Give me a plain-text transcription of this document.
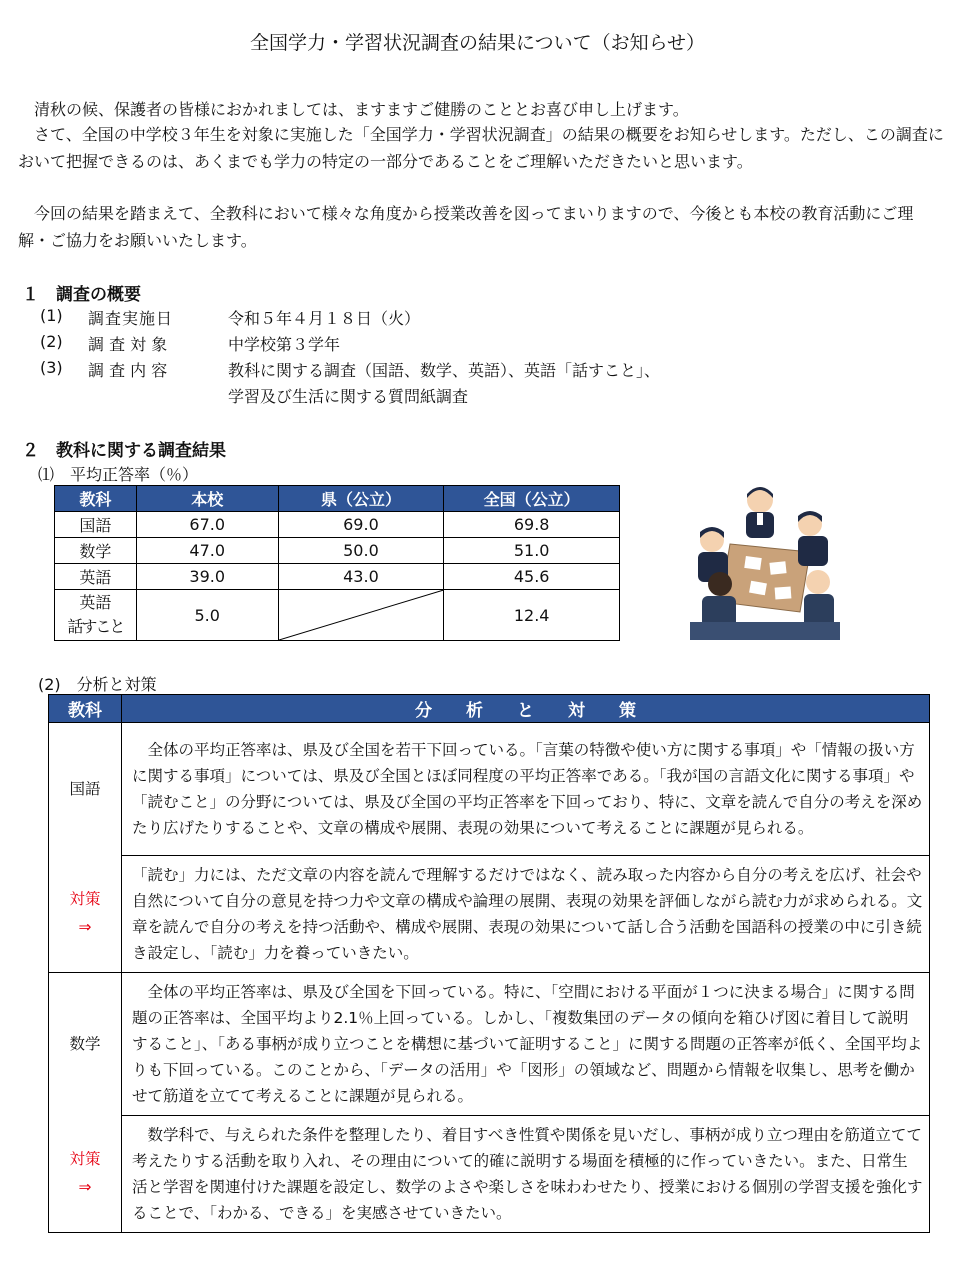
全国学力・学習状況調査の結果について（お知らせ）
　清秋の候、保護者の皆様におかれましては、ますますご健勝のこととお喜び申し上げます。
　さて、全国の中学校３年生を対象に実施した「全国学力・学習状況調査」の結果の概要をお知らせします。ただし、この調査において把握できるのは、あくまでも学力の特定の一部分であることをご理解いただきたいと思います。
　今回の結果を踏まえて、全教科において様々な角度から授業改善を図ってまいりますので、今後とも本校の教育活動にご理解・ご協力をお願いいたします。
１　調査の概要
(1) 調査実施日	令和５年４月１８日（火）
(2) 調 査 対 象	中学校第３学年
(3) 調 査 内 容	教科に関する調査（国語、数学、英語）、英語「話すこと」、
学習及び生活に関する質問紙調査
２　教科に関する調査結果
⑴　平均正答率（％）
教科	本校	県（公立）	全国（公立）
国語	67.0	69.0	69.8
数学	47.0	50.0	51.0
英語	39.0	43.0	45.6

英語
話すこと	5.0		12.4
(2)　分析と対策
教科	分　　析　　と　　対　　策
国語	　全体の平均正答率は、県及び全国を若干下回っている。「言葉の特徴や使い方に関する事項」や「情報の扱い方に関する事項」については、県及び全国とほぼ同程度の平均正答率である。「我が国の言語文化に関する事項」や「読むこと」の分野については、県及び全国の平均正答率を下回っており、特に、文章を読んで自分の考えを深めたり広げたりすることや、文章の構成や展開、表現の効果について考えることに課題が見られる。

対策
⇒	「読む」力には、ただ文章の内容を読んで理解するだけではなく、読み取った内容から自分の考えを広げ、社会や自然について自分の意見を持つ力や文章の構成や論理の展開、表現の効果を評価しながら読む力が求められる。文章を読んで自分の考えを持つ活動や、構成や展開、表現の効果について話し合う活動を国語科の授業の中に引き続き設定し、「読む」力を養っていきたい。
数学	　全体の平均正答率は、県及び全国を下回っている。特に、「空間における平面が１つに決まる場合」に関する問題の正答率は、全国平均より2.1％上回っている。しかし、「複数集団のデータの傾向を箱ひげ図に着目して説明すること」、「ある事柄が成り立つことを構想に基づいて証明すること」に関する問題の正答率が低く、全国平均よりも下回っている。このことから、「データの活用」や「図形」の領域など、問題から情報を収集し、思考を働かせて筋道を立てて考えることに課題が見られる。

対策
⇒	　数学科で、与えられた条件を整理したり、着目すべき性質や関係を見いだし、事柄が成り立つ理由を筋道立てて考えたりする活動を取り入れ、その理由について的確に説明する場面を積極的に作っていきたい。また、日常生活と学習を関連付けた課題を設定し、数学のよさや楽しさを味わわせたり、授業における個別の学習支援を強化することで、「わかる、できる」を実感させていきたい。
